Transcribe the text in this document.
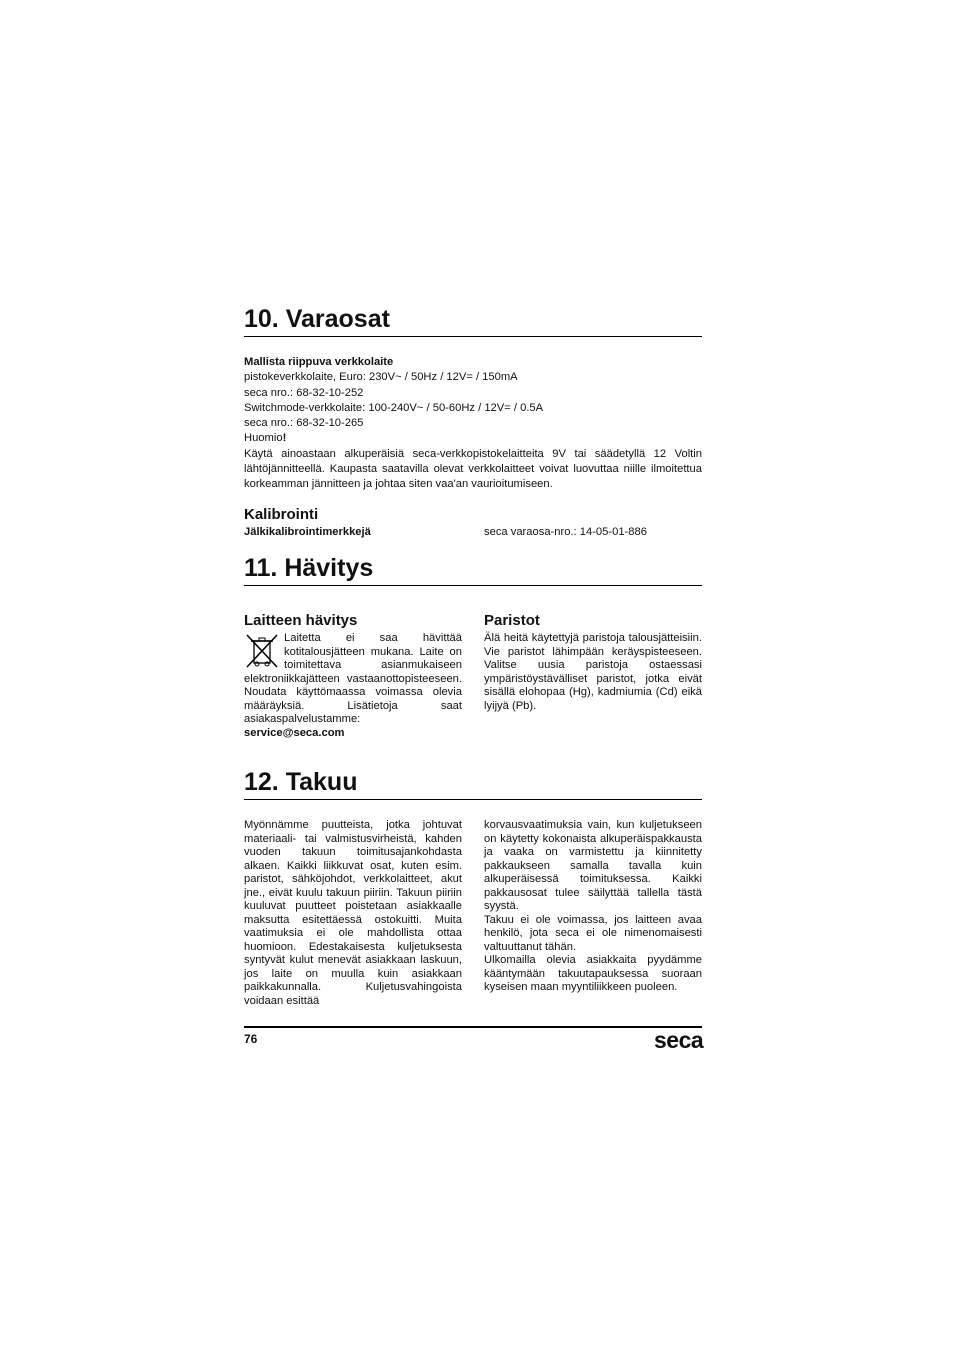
10. Varaosat

Mallista riippuva verkkolaite

pistokeverkkolaite, Euro: 230V~ / 50Hz / 12V= / 150mA

seca nro.: 68-32-10-252

Switchmode-verkkolaite: 100-240V~ / 50-60Hz / 12V= / 0.5A

seca nro.: 68-32-10-265

Huomio!

Käytä ainoastaan alkuperäisiä seca-verkkopistokelaitteita 9V tai säädetyllä 12 Voltin lähtöjännitteellä. Kaupasta saatavilla olevat verkkolaitteet voivat luovuttaa niille ilmoitettua korkeamman jännitteen ja johtaa siten vaa'an vaurioitumiseen.

Kalibrointi
Jälkikalibrointimerkkejä	seca varaosa-nro.: 14-05-01-886
11. Hävitys
Laitteen hävitys

Laitetta ei saa hävittää kotitalousjätteen mukana. Laite on toimitettava asianmukaiseen elektroniikkajätteen vastaanottopisteeseen. Noudata käyttömaassa voimassa olevia määräyksiä. Lisätietoja saat asiakaspalvelustamme:

service@seca.com

Paristot

Älä heitä käytettyjä paristoja talousjätteisiin. Vie paristot lähimpään keräyspisteeseen. Valitse uusia paristoja ostaessasi ympäristöystävälliset paristot, jotka eivät sisällä elohopaa (Hg), kadmiumia (Cd) eikä lyijyä (Pb).

12. Takuu

Myönnämme puutteista, jotka johtuvat materiaali- tai valmistusvirheistä, kahden vuoden takuun toimitusajankohdasta alkaen. Kaikki liikkuvat osat, kuten esim. paristot, sähköjohdot, verkkolaitteet, akut jne., eivät kuulu takuun piiriin. Takuun piiriin kuuluvat puutteet poistetaan asiakkaalle maksutta esitettäessä ostokuitti. Muita vaatimuksia ei ole mahdollista ottaa huomioon. Edestakaisesta kuljetuksesta syntyvät kulut menevät asiakkaan laskuun, jos laite on muulla kuin asiakkaan paikkakunnalla. Kuljetusvahingoista voidaan esittää

korvausvaatimuksia vain, kun kuljetukseen on käytetty kokonaista alkuperäispakkausta ja vaaka on varmistettu ja kiinnitetty pakkaukseen samalla tavalla kuin alkuperäisessä toimituksessa. Kaikki pakkausosat tulee säilyttää tallella tästä syystä.

Takuu ei ole voimassa, jos laitteen avaa henkilö, jota seca ei ole nimenomaisesti valtuuttanut tähän.

Ulkomailla olevia asiakkaita pyydämme kääntymään takuutapauksessa suoraan kyseisen maan myyntiliikkeen puoleen.

76	seca
